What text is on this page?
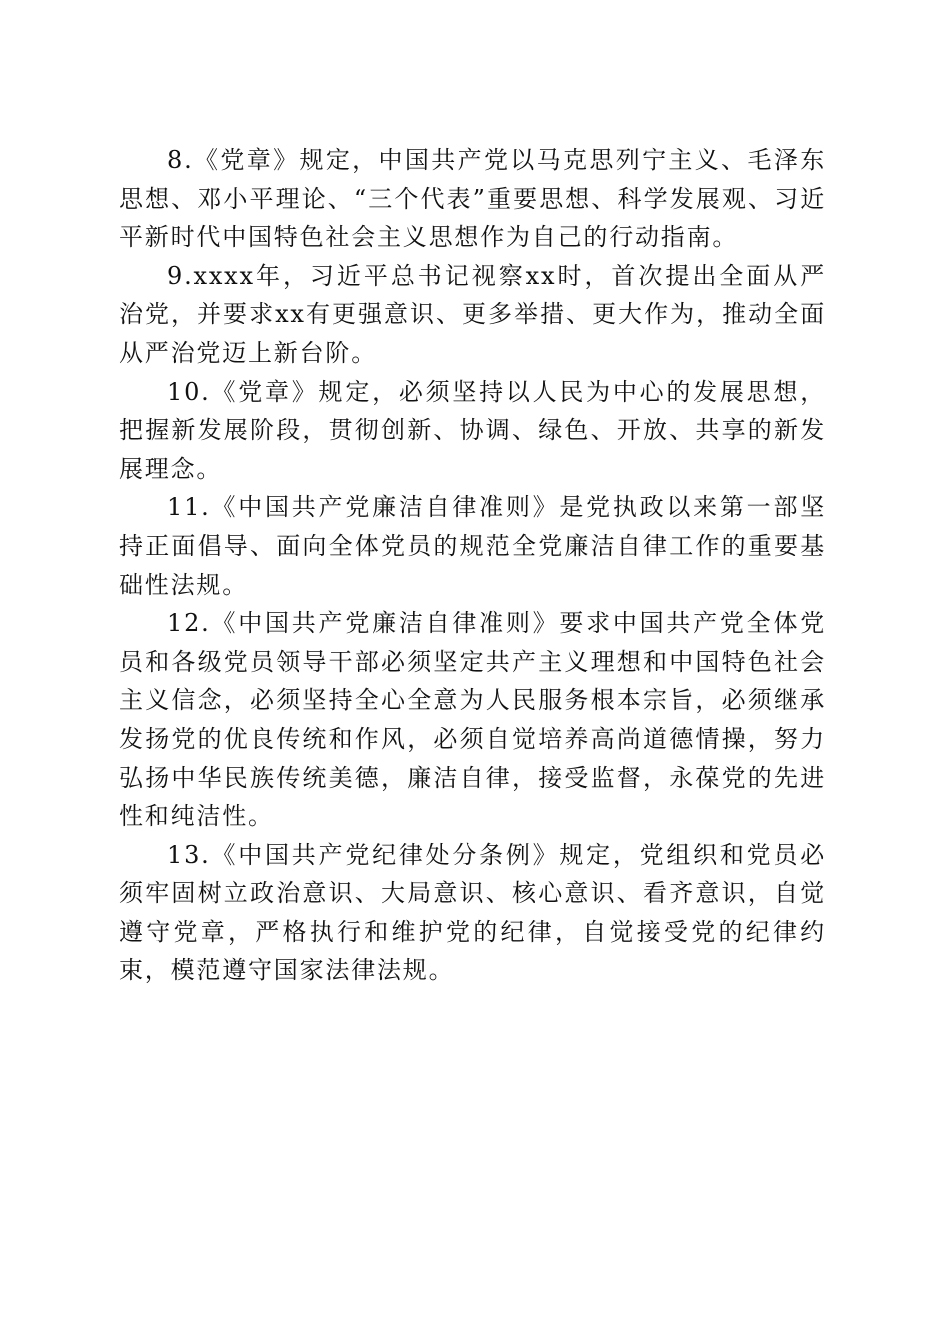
8.《党章》规定，中国共产党以马克思列宁主义、毛泽东思想、邓小平理论、“三个代表”重要思想、科学发展观、习近平新时代中国特色社会主义思想作为自己的行动指南。

9.xxxx年，习近平总书记视察xx时，首次提出全面从严治党，并要求xx有更强意识、更多举措、更大作为，推动全面从严治党迈上新台阶。

10.《党章》规定，必须坚持以人民为中心的发展思想，把握新发展阶段，贯彻创新、协调、绿色、开放、共享的新发展理念。

11.《中国共产党廉洁自律准则》是党执政以来第一部坚持正面倡导、面向全体党员的规范全党廉洁自律工作的重要基础性法规。

12.《中国共产党廉洁自律准则》要求中国共产党全体党员和各级党员领导干部必须坚定共产主义理想和中国特色社会主义信念，必须坚持全心全意为人民服务根本宗旨，必须继承发扬党的优良传统和作风，必须自觉培养高尚道德情操，努力弘扬中华民族传统美德，廉洁自律，接受监督，永葆党的先进性和纯洁性。

13.《中国共产党纪律处分条例》规定，党组织和党员必须牢固树立政治意识、大局意识、核心意识、看齐意识，自觉遵守党章，严格执行和维护党的纪律，自觉接受党的纪律约束，模范遵守国家法律法规。
